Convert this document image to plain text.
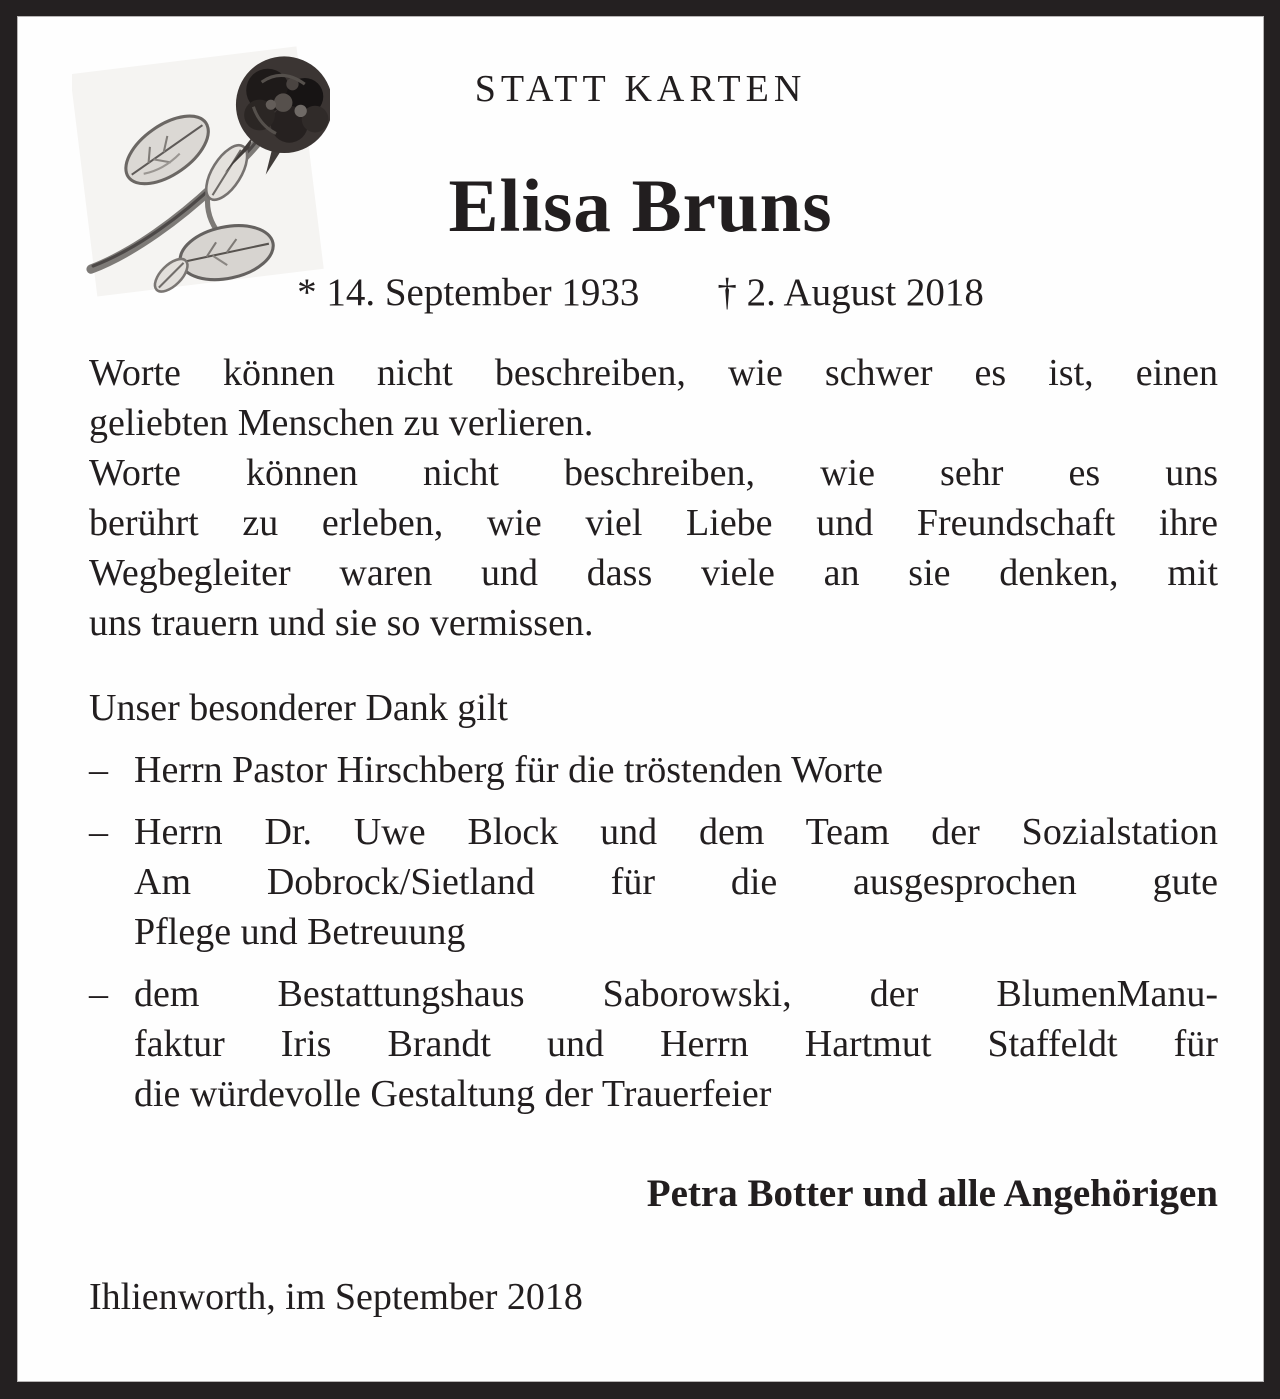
STATT KARTEN
Elisa Bruns
* 14. September 1933 † 2. August 2018
Worte können nicht beschreiben, wie schwer es ist, einen
geliebten Menschen zu verlieren.
Worte können nicht beschreiben, wie sehr es uns
berührt zu erleben, wie viel Liebe und Freundschaft ihre
Wegbegleiter waren und dass viele an sie denken, mit
uns trauern und sie so vermissen.
Unser besonderer Dank gilt
– Herrn Pastor Hirschberg für die tröstenden Worte
– Herrn Dr. Uwe Block und dem Team der Sozialstation
Am Dobrock/Sietland für die ausgesprochen gute
Pflege und Betreuung
– dem Bestattungshaus Saborowski, der BlumenManu-
faktur Iris Brandt und Herrn Hartmut Staffeldt für
die würdevolle Gestaltung der Trauerfeier
Petra Botter und alle Angehörigen
Ihlienworth, im September 2018
